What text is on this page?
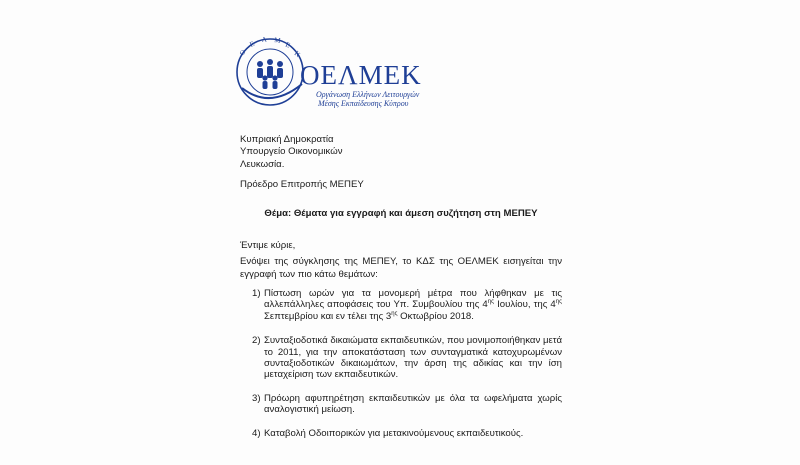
Ο
Ε
Λ Μ
Ε
Κ
ΟΕΛΜΕΚ
Οργάνωση Ελλήνων Λειτουργών
Μέσης Εκπαίδευσης Κύπρου
Κυπριακή Δημοκρατία
Υπουργείο Οικονομικών
Λευκωσία.
Πρόεδρο Επιτροπής ΜΕΠΕΥ
Θέμα: Θέματα για εγγραφή και άμεση συζήτηση στη ΜΕΠΕΥ
Έντιμε κύριε,
Ενόψει της σύγκλησης της ΜΕΠΕΥ, το ΚΔΣ της ΟΕΛΜΕΚ εισηγείται την
εγγραφή των πιο κάτω θεμάτων:
1) Πίστωση ωρών για τα μονομερή μέτρα που λήφθηκαν με τις
αλλεπάλληλες αποφάσεις του Υπ. Συμβουλίου της $4^{\eta\varsigma}$ Ιουλίου, της $4^{\eta\varsigma}$
Σεπτεμβρίου και εν τέλει της $3^{\eta\varsigma}$ Οκτωβρίου 2018.
2) Συνταξιοδοτικά δικαιώματα εκπαιδευτικών, που μονιμοποιήθηκαν μετά
το 2011, για την αποκατάσταση των συνταγματικά κατοχυρωμένων
συνταξιοδοτικών δικαιωμάτων, την άρση της αδικίας και την ίση
μεταχείριση των εκπαιδευτικών.
3) Πρόωρη αφυπηρέτηση εκπαιδευτικών με όλα τα ωφελήματα χωρίς
αναλογιστική μείωση.
4) Καταβολή Οδοιπορικών για μετακινούμενους εκπαιδευτικούς.
